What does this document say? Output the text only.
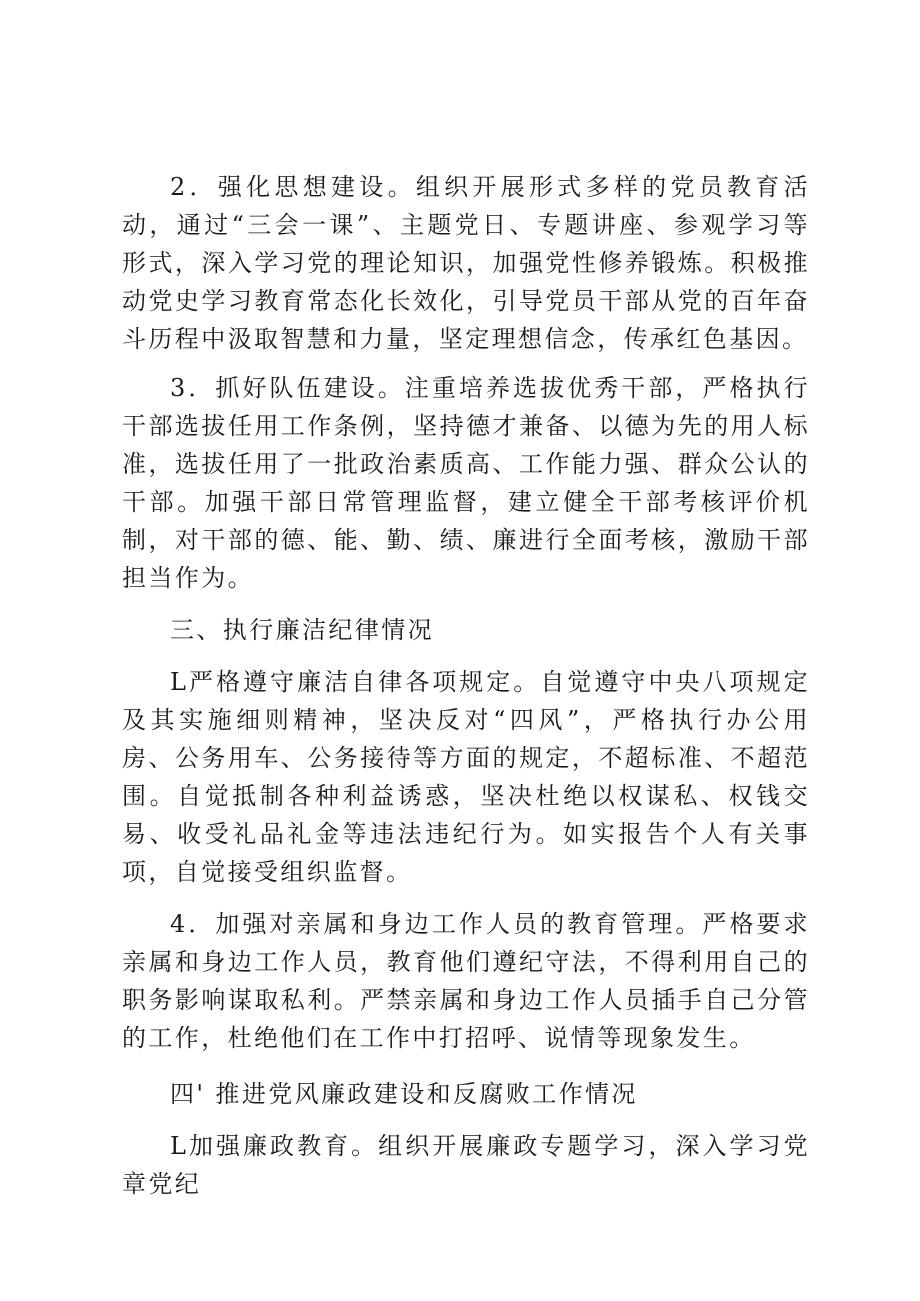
2．强化思想建设。组织开展形式多样的党员教育活动，通过“三会一课”、主题党日、专题讲座、参观学习等形式，深入学习党的理论知识，加强党性修养锻炼。积极推动党史学习教育常态化长效化，引导党员干部从党的百年奋斗历程中汲取智慧和力量，坚定理想信念，传承红色基因。

3．抓好队伍建设。注重培养选拔优秀干部，严格执行干部选拔任用工作条例，坚持德才兼备、以德为先的用人标准，选拔任用了一批政治素质高、工作能力强、群众公认的干部。加强干部日常管理监督，建立健全干部考核评价机制，对干部的德、能、勤、绩、廉进行全面考核，激励干部担当作为。

三、执行廉洁纪律情况

L严格遵守廉洁自律各项规定。自觉遵守中央八项规定及其实施细则精神，坚决反对“四风”，严格执行办公用房、公务用车、公务接待等方面的规定，不超标准、不超范围。自觉抵制各种利益诱惑，坚决杜绝以权谋私、权钱交易、收受礼品礼金等违法违纪行为。如实报告个人有关事项，自觉接受组织监督。

4．加强对亲属和身边工作人员的教育管理。严格要求亲属和身边工作人员，教育他们遵纪守法，不得利用自己的职务影响谋取私利。严禁亲属和身边工作人员插手自己分管的工作，杜绝他们在工作中打招呼、说情等现象发生。

四' 推进党风廉政建设和反腐败工作情况

L加强廉政教育。组织开展廉政专题学习，深入学习党章党纪
